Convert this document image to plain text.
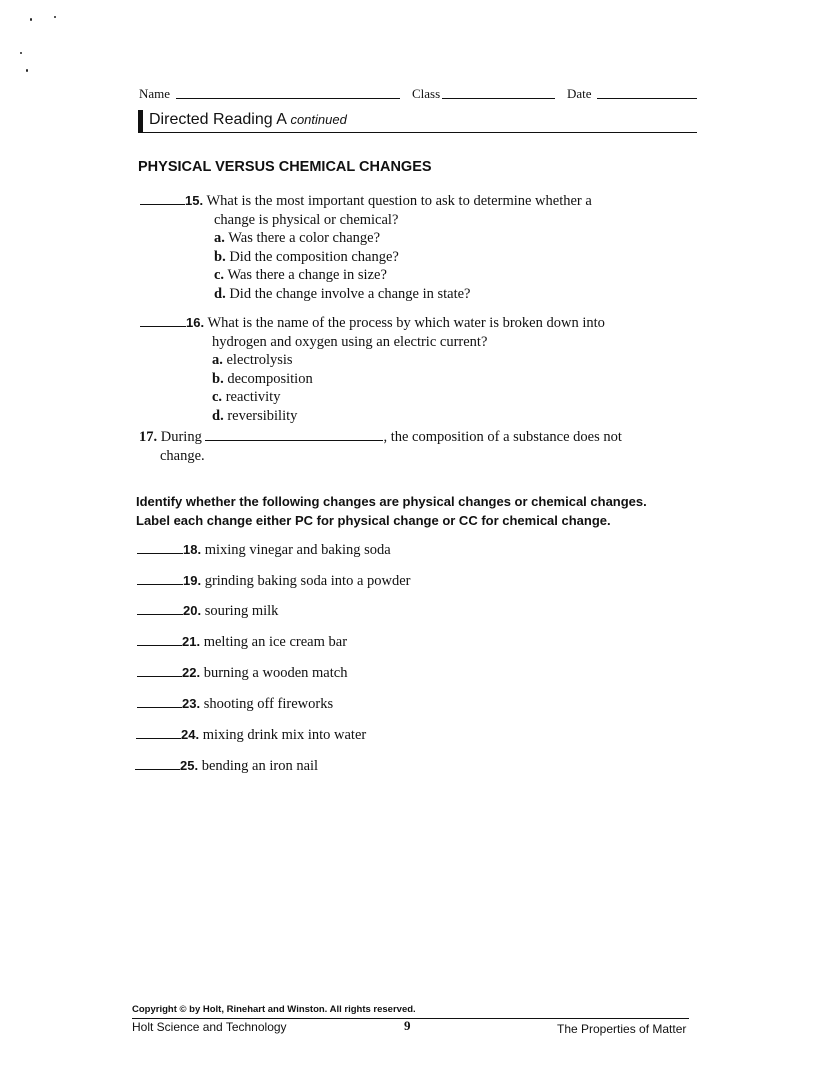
Name	Class	Date
Directed Reading A continued
PHYSICAL VERSUS CHEMICAL CHANGES
15. What is the most important question to ask to determine whether a
change is physical or chemical?
a. Was there a color change?
b. Did the composition change?
c. Was there a change in size?
d. Did the change involve a change in state?
16. What is the name of the process by which water is broken down into
hydrogen and oxygen using an electric current?
a. electrolysis
b. decomposition
c. reactivity
d. reversibility
17. During	, the composition of a substance does not
change.
Identify whether the following changes are physical changes or chemical changes.
Label each change either PC for physical change or CC for chemical change.
18. mixing vinegar and baking soda
19. grinding baking soda into a powder
20. souring milk
21. melting an ice cream bar
22. burning a wooden match
23. shooting off fireworks
24. mixing drink mix into water
25. bending an iron nail
Copyright © by Holt, Rinehart and Winston. All rights reserved.
Holt Science and Technology	9	The Properties of Matter
